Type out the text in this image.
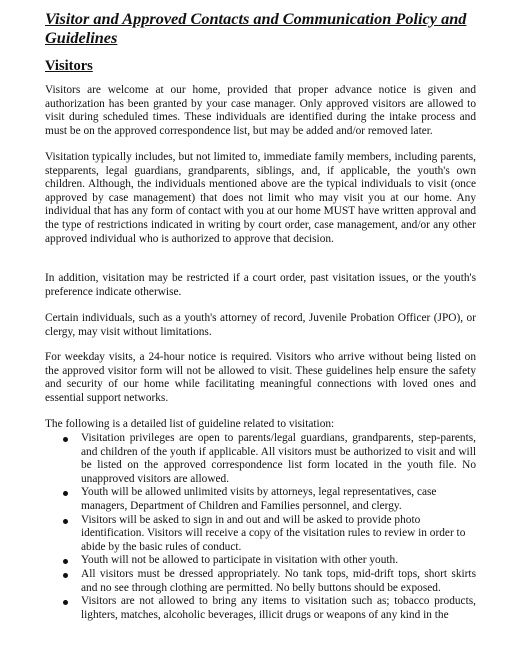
Visitor and Approved Contacts and Communication Policy and Guidelines
Visitors

Visitors are welcome at our home, provided that proper advance notice is given and authorization has been granted by your case manager. Only approved visitors are allowed to visit during scheduled times. These individuals are identified during the intake process and must be on the approved correspondence list, but may be added and/or removed later.

Visitation typically includes, but not limited to, immediate family members, including parents, stepparents, legal guardians, grandparents, siblings, and, if applicable, the youth's own children. Although, the individuals mentioned above are the typical individuals to visit (once approved by case management) that does not limit who may visit you at our home. Any individual that has any form of contact with you at our home MUST have written approval and the type of restrictions indicated in writing by court order, case management, and/or any other approved individual who is authorized to approve that decision.

In addition, visitation may be restricted if a court order, past visitation issues, or the youth's preference indicate otherwise.

Certain individuals, such as a youth's attorney of record, Juvenile Probation Officer (JPO), or clergy, may visit without limitations.

For weekday visits, a 24-hour notice is required. Visitors who arrive without being listed on the approved visitor form will not be allowed to visit. These guidelines help ensure the safety and security of our home while facilitating meaningful connections with loved ones and essential support networks.

The following is a detailed list of guideline related to visitation:

Visitation privileges are open to parents/legal guardians, grandparents, step-parents, and children of the youth if applicable. All visitors must be authorized to visit and will be listed on the approved correspondence list form located in the youth file. No unapproved visitors are allowed.
Youth will be allowed unlimited visits by attorneys, legal representatives, case managers, Department of Children and Families personnel, and clergy.
Visitors will be asked to sign in and out and will be asked to provide photo identification. Visitors will receive a copy of the visitation rules to review in order to abide by the basic rules of conduct.
Youth will not be allowed to participate in visitation with other youth.
All visitors must be dressed appropriately. No tank tops, mid-drift tops, short skirts and no see through clothing are permitted. No belly buttons should be exposed.
Visitors are not allowed to bring any items to visitation such as; tobacco products, lighters, matches, alcoholic beverages, illicit drugs or weapons of any kind in the
